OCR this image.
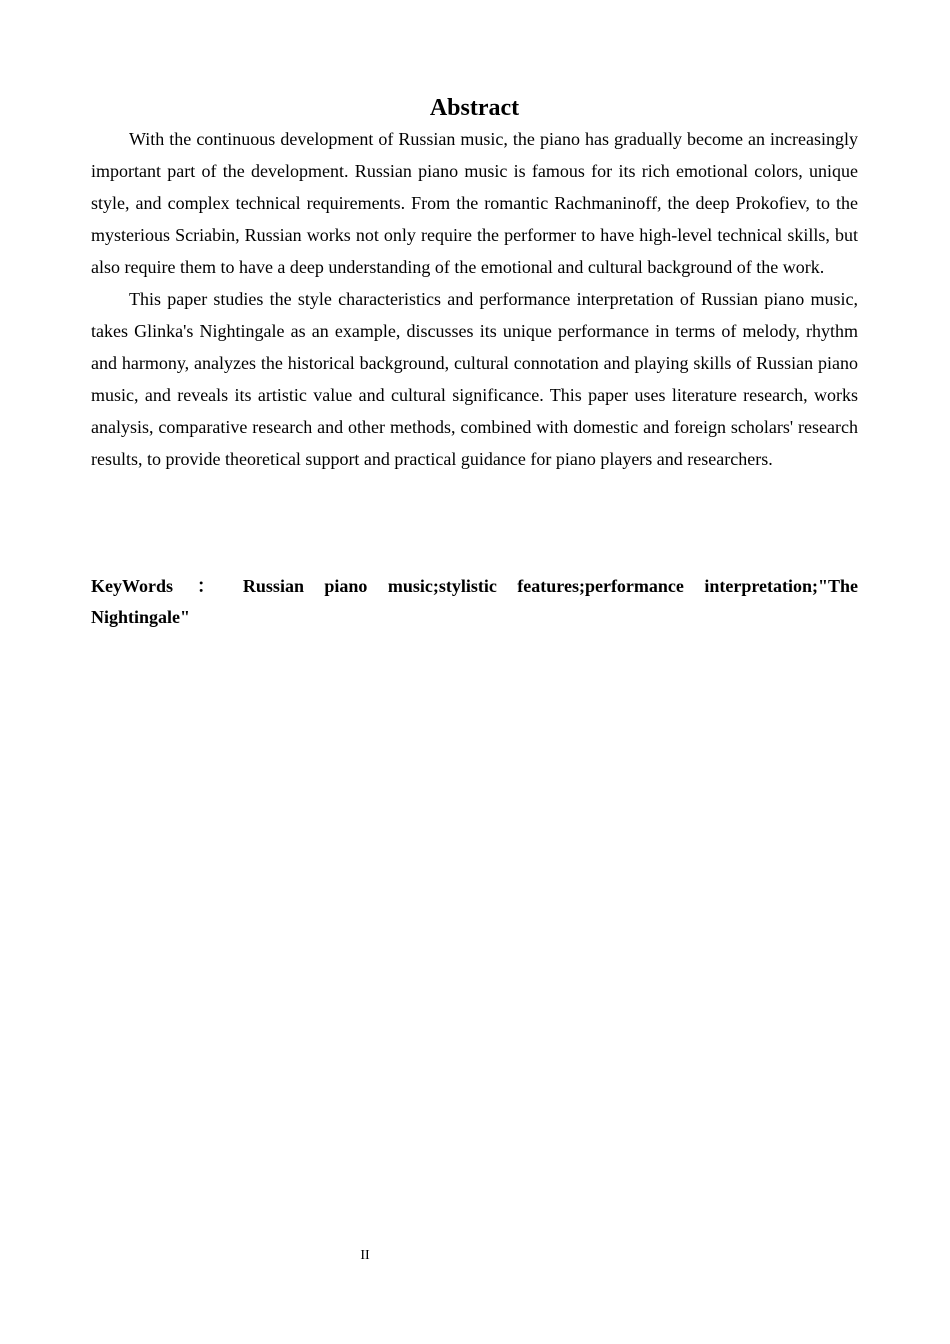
Abstract

With the continuous development of Russian music, the piano has gradually become an increasingly important part of the development. Russian piano music is famous for its rich emotional colors, unique style, and complex technical requirements. From the romantic Rachmaninoff, the deep Prokofiev, to the mysterious Scriabin, Russian works not only require the performer to have high-level technical skills, but also require them to have a deep understanding of the emotional and cultural background of the work.

This paper studies the style characteristics and performance interpretation of Russian piano music, takes Glinka's Nightingale as an example, discusses its unique performance in terms of melody, rhythm and harmony, analyzes the historical background, cultural connotation and playing skills of Russian piano music, and reveals its artistic value and cultural significance. This paper uses literature research, works analysis, comparative research and other methods, combined with domestic and foreign scholars' research results, to provide theoretical support and practical guidance for piano players and researchers.

KeyWords ： Russian piano music;stylistic features;performance interpretation;"The Nightingale"

II
